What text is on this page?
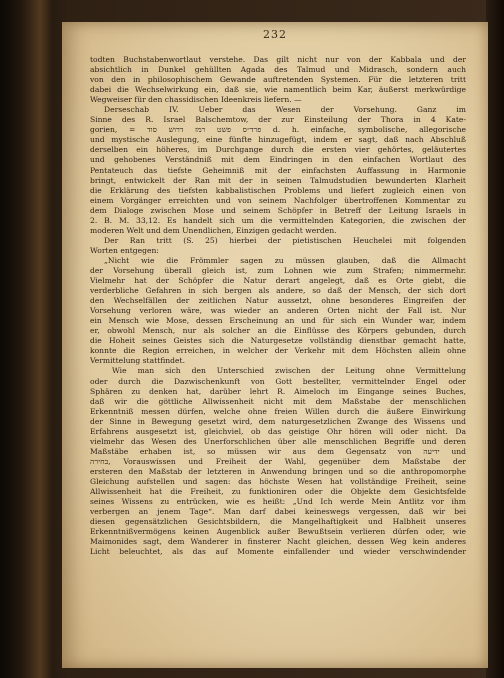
232
todten Buchstabenwortlaut verstehe. Das gilt nicht nur von der Kabbala und der
absichtlich in Dunkel gehüllten Agada des Talmud und Midrasch, sondern auch
von den in philosophischem Gewande auftretenden Systemen. Für die letzteren tritt
dabei die Wechselwirkung ein, daß sie, wie namentlich beim Kar, äußerst merkwürdige
Wegweiser für den chassidischen Ideenkreis liefern. —
Derseschab IV. Ueber das Wesen der Vorsehung. Ganz im
Sinne des R. Israel Balschemtow, der zur Einsteilung der Thora in 4 Kate-
gorien, = פרד״ס פשט רמז דרוש סוד d. h. einfache, symbolische, allegorische
und mystische Auslegung, eine fünfte hinzugefügt, indem er sagt, daß nach Abschluß
derselben ein höheres, im Durchgange durch die ersten vier gehörtes, geläutertes
und gehobenes Verständniß mit dem Eindringen in den einfachen Wortlaut des
Pentateuch das tiefste Geheimniß mit der einfachsten Auffassung in Harmonie
bringt, entwickelt der Ran mit der in seinen Talmudstudien bewunderten Klarheit
die Erklärung des tiefsten kabbalistischen Problems und liefert zugleich einen von
einem Vorgänger erreichten und von seinem Nachfolger übertroffenen Kommentar zu
dem Dialoge zwischen Mose und seinem Schöpfer in Betreff der Leitung Israels in
2. B. M. 33,12. Es handelt sich um die vermittelnden Kategorien, die zwischen der
moderen Welt und dem Unendlichen, Einzigen gedacht werden.
Der Ran tritt (S. 25) hierbei der pietistischen Heuchelei mit folgenden
Worten entgegen:
„Nicht wie die Frömmler sagen zu müssen glauben, daß die Allmacht
der Vorsehung überall gleich ist, zum Lohnen wie zum Strafen; nimmermehr.
Vielmehr hat der Schöpfer die Natur derart angelegt, daß es Orte giebt, die
verderbliche Gefahren in sich bergen als andere, so daß der Mensch, der sich dort
den Wechselfällen der zeitlichen Natur aussetzt, ohne besonderes Eingreifen der
Vorsehung verloren wäre, was wieder an anderen Orten nicht der Fall ist. Nur
ein Mensch wie Mose, dessen Erscheinung an und für sich ein Wunder war, indem
er, obwohl Mensch, nur als solcher an die Einflüsse des Körpers gebunden, durch
die Hoheit seines Geistes sich die Naturgesetze vollständig dienstbar gemacht hatte,
konnte die Region erreichen, in welcher der Verkehr mit dem Höchsten allein ohne
Vermittelung stattfindet.
Wie man sich den Unterschied zwischen der Leitung ohne Vermittelung
oder durch die Dazwischenkunft von Gott bestellter, vermittelnder Engel oder
Sphären zu denken hat, darüber lehrt R. Aimeloch im Eingange seines Buches,
daß wir die göttliche Allwissenheit nicht mit dem Maßstabe der menschlichen
Erkenntniß messen dürfen, welche ohne freien Willen durch die äußere Einwirkung
der Sinne in Bewegung gesetzt wird, dem naturgesetzlichen Zwange des Wissens und
Erfahrens ausgesetzt ist, gleichviel, ob das geistige Ohr hören will oder nicht. Da
vielmehr das Wesen des Unerforschlichen über alle menschlichen Begriffe und deren
Maßstäbe erhaben ist, so müssen wir aus dem Gegensatz von ידיעה und
בחירה, Vorauswissen und Freiheit der Wahl, gegenüber dem Maßstabe der
ersteren den Maßstab der letzteren in Anwendung bringen und so die anthropomorphe
Gleichung aufstellen und sagen: das höchste Wesen hat vollständige Freiheit, seine
Allwissenheit hat die Freiheit, zu funktioniren oder die Objekte dem Gesichtsfelde
seines Wissens zu entrücken, wie es heißt: „Und Ich werde Mein Antlitz vor ihm
verbergen an jenem Tage“. Man darf dabei keineswegs vergessen, daß wir bei
diesen gegensätzlichen Gesichtsbildern, die Mangelhaftigkeit und Halbheit unseres
Erkenntnißvermögens keinen Augenblick außer Bewußtsein verlieren dürfen oder, wie
Maimonides sagt, dem Wanderer in finsterer Nacht gleichen, dessen Weg kein anderes
Licht beleuchtet, als das auf Momente einfallender und wieder verschwindender
